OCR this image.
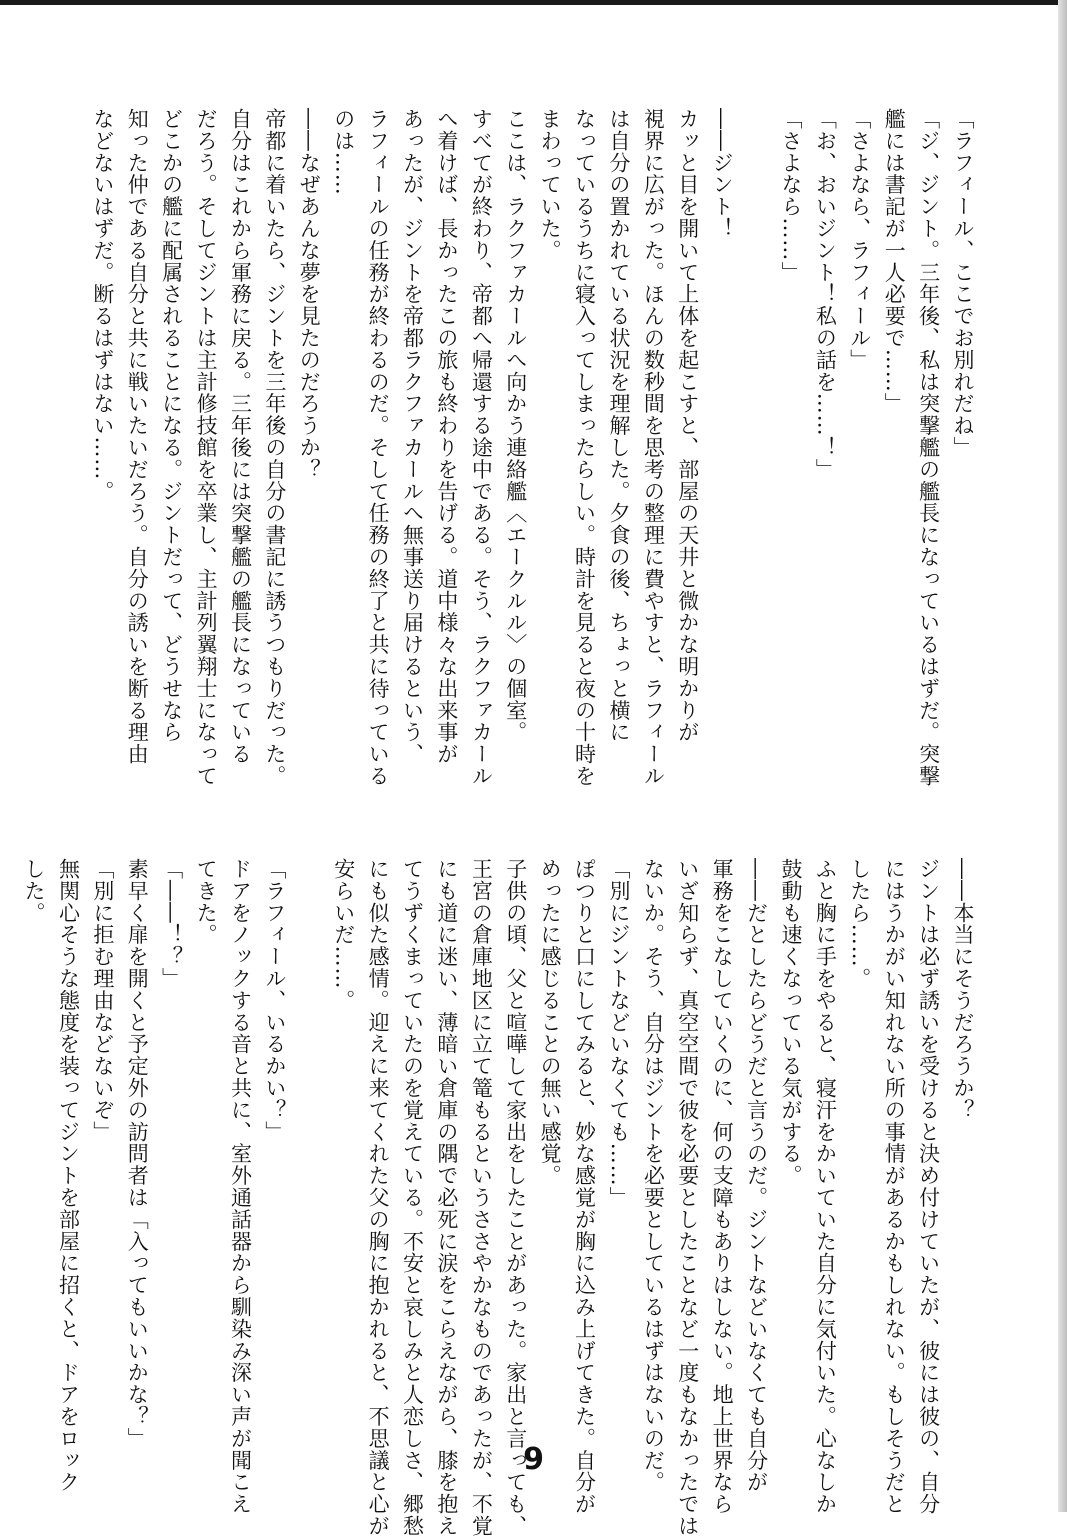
「ラフィール、ここでお別れだね」

「ジ、ジント。三年後、私は突撃艦の艦長になっているはずだ。突撃

艦には書記が一人必要で……」

「さよなら、ラフィール」

「お、おいジント！私の話を……！」

「さよなら……」

――ジント！

カッと目を開いて上体を起こすと、部屋の天井と微かな明かりが

視界に広がった。ほんの数秒間を思考の整理に費やすと、ラフィール

は自分の置かれている状況を理解した。夕食の後、ちょっと横に

なっているうちに寝入ってしまったらしい。時計を見ると夜の十時を

まわっていた。

ここは、ラクファカールへ向かう連絡艦〈エークルル〉の個室。

すべてが終わり、帝都へ帰還する途中である。そう、ラクファカール

へ着けば、長かったこの旅も終わりを告げる。道中様々な出来事が

あったが、ジントを帝都ラクファカールへ無事送り届けるという、

ラフィールの任務が終わるのだ。そして任務の終了と共に待っている

のは……

――なぜあんな夢を見たのだろうか？

帝都に着いたら、ジントを三年後の自分の書記に誘うつもりだった。

自分はこれから軍務に戻る。三年後には突撃艦の艦長になっている

だろう。そしてジントは主計修技館を卒業し、主計列翼翔士になって

どこかの艦に配属されることになる。ジントだって、どうせなら

知った仲である自分と共に戦いたいだろう。自分の誘いを断る理由

などないはずだ。断るはずはない……。

――本当にそうだろうか？

ジントは必ず誘いを受けると決め付けていたが、彼には彼の、自分

にはうかがい知れない所の事情があるかもしれない。もしそうだと

したら……。

ふと胸に手をやると、寝汗をかいていた自分に気付いた。心なしか

鼓動も速くなっている気がする。

――だとしたらどうだと言うのだ。ジントなどいなくても自分が

軍務をこなしていくのに、何の支障もありはしない。地上世界なら

いざ知らず、真空空間で彼を必要としたことなど一度もなかったでは

ないか。そう、自分はジントを必要としているはずはないのだ。

「別にジントなどいなくても……」

ぽつりと口にしてみると、妙な感覚が胸に込み上げてきた。自分が

めったに感じることの無い感覚。

子供の頃、父と喧嘩して家出をしたことがあった。家出と言っても、

王宮の倉庫地区に立て篭もるというささやかなものであったが、不覚

にも道に迷い、薄暗い倉庫の隅で必死に涙をこらえながら、膝を抱え

てうずくまっていたのを覚えている。不安と哀しみと人恋しさ、郷愁

にも似た感情。迎えに来てくれた父の胸に抱かれると、不思議と心が

安らいだ……。

「ラフィール、いるかい？」

ドアをノックする音と共に、室外通話器から馴染み深い声が聞こえ

てきた。

「――！？」

素早く扉を開くと予定外の訪問者は「入ってもいいかな？」

「別に拒む理由などないぞ」

無関心そうな態度を装ってジントを部屋に招くと、ドアをロック

した。

9
